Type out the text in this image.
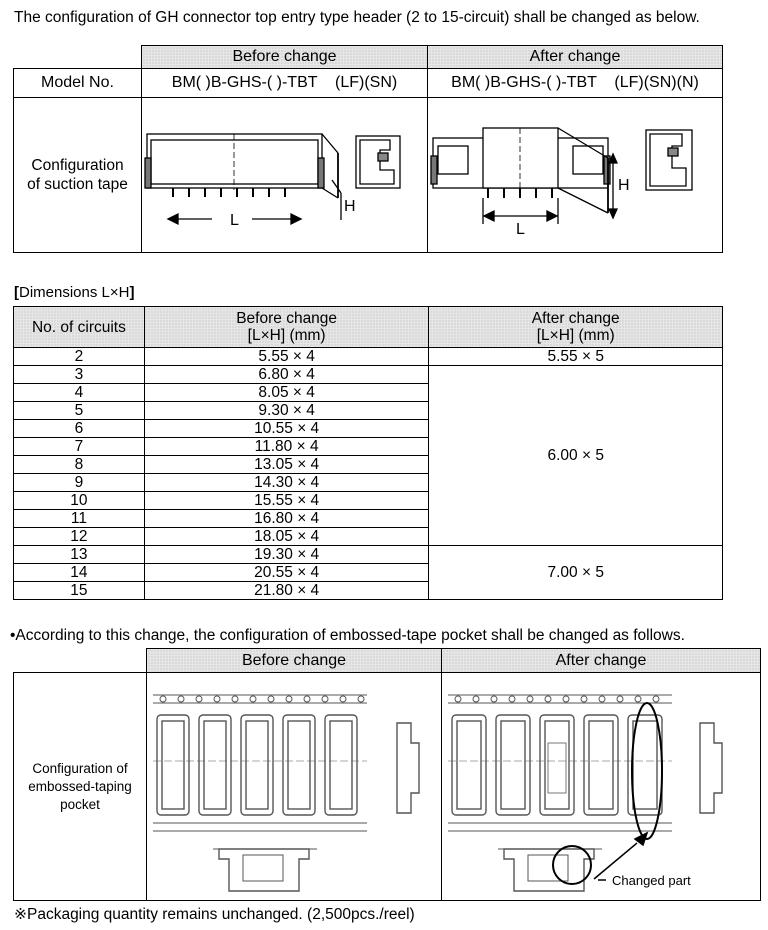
The configuration of GH connector top entry type header (2 to 15-circuit) shall be changed as below.

	Before change	After change
Model No.	BM( )B-GHS-( )-TBT    (LF)(SN)	BM( )B-GHS-( )-TBT    (LF)(SN)(N)
Configuration
of suction tape	L
H	L
H
[Dimensions L×H]
No. of circuits	Before change
[L×H] (mm)	After change
[L×H] (mm)
2	5.55 × 4	5.55 × 5
3	6.80 × 4	6.00 × 5
4	8.05 × 4	
5	9.30 × 4	
6	10.55 × 4	
7	11.80 × 4	
8	13.05 × 4	
9	14.30 × 4	
10	15.55 × 4	
11	16.80 × 4	
12	18.05 × 4	
13	19.30 × 4	7.00 × 5
14	20.55 × 4	
15	21.80 × 4	
•According to this change, the configuration of embossed-tape pocket shall be changed as follows.
	Before change	After change
Configuration of
embossed-taping
pocket		Changed part
※Packaging quantity remains unchanged. (2,500pcs./reel)
